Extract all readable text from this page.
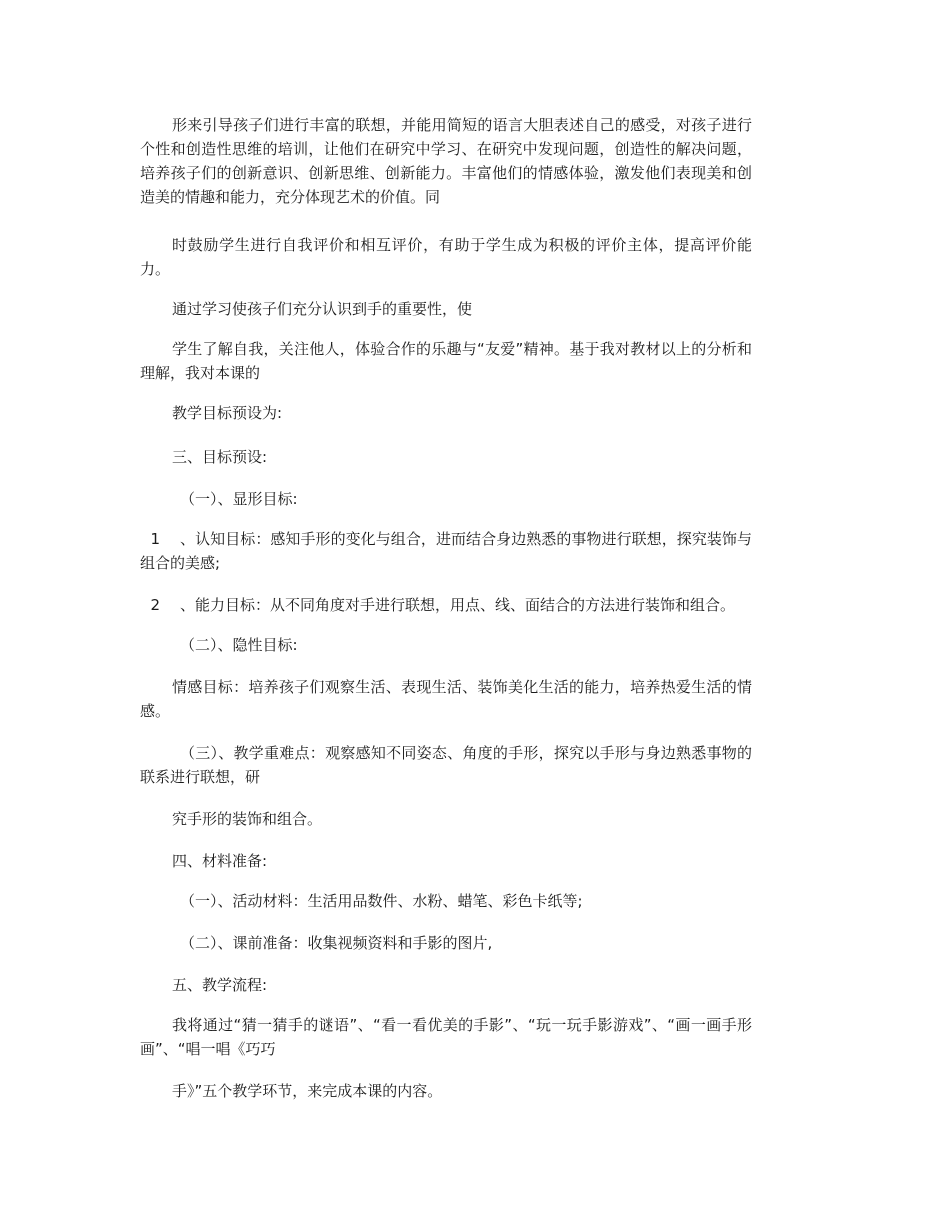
形来引导孩子们进行丰富的联想，并能用简短的语言大胆表述自己的感受，对孩子进行个性和创造性思维的培训，让他们在研究中学习、在研究中发现问题，创造性的解决问题，培养孩子们的创新意识、创新思维、创新能力。丰富他们的情感体验，激发他们表现美和创造美的情趣和能力，充分体现艺术的价值。同

时鼓励学生进行自我评价和相互评价，有助于学生成为积极的评价主体，提高评价能力。

通过学习使孩子们充分认识到手的重要性，使

学生了解自我，关注他人，体验合作的乐趣与“友爱”精神。基于我对教材以上的分析和理解，我对本课的

教学目标预设为:

三、目标预设:

（一）、显形目标:

1 、认知目标：感知手形的变化与组合，进而结合身边熟悉的事物进行联想，探究装饰与组合的美感;

2 、能力目标：从不同角度对手进行联想，用点、线、面结合的方法进行装饰和组合。

（二）、隐性目标:

情感目标：培养孩子们观察生活、表现生活、装饰美化生活的能力，培养热爱生活的情感。

（三）、教学重难点：观察感知不同姿态、角度的手形，探究以手形与身边熟悉事物的联系进行联想，研

究手形的装饰和组合。

四、材料准备:

（一）、活动材料：生活用品数件、水粉、蜡笔、彩色卡纸等;

（二）、课前准备：收集视频资料和手影的图片,

五、教学流程:

我将通过“猜一猜手的谜语”、“看一看优美的手影”、“玩一玩手影游戏”、“画一画手形画”、“唱一唱《巧巧

手》”五个教学环节，来完成本课的内容。
